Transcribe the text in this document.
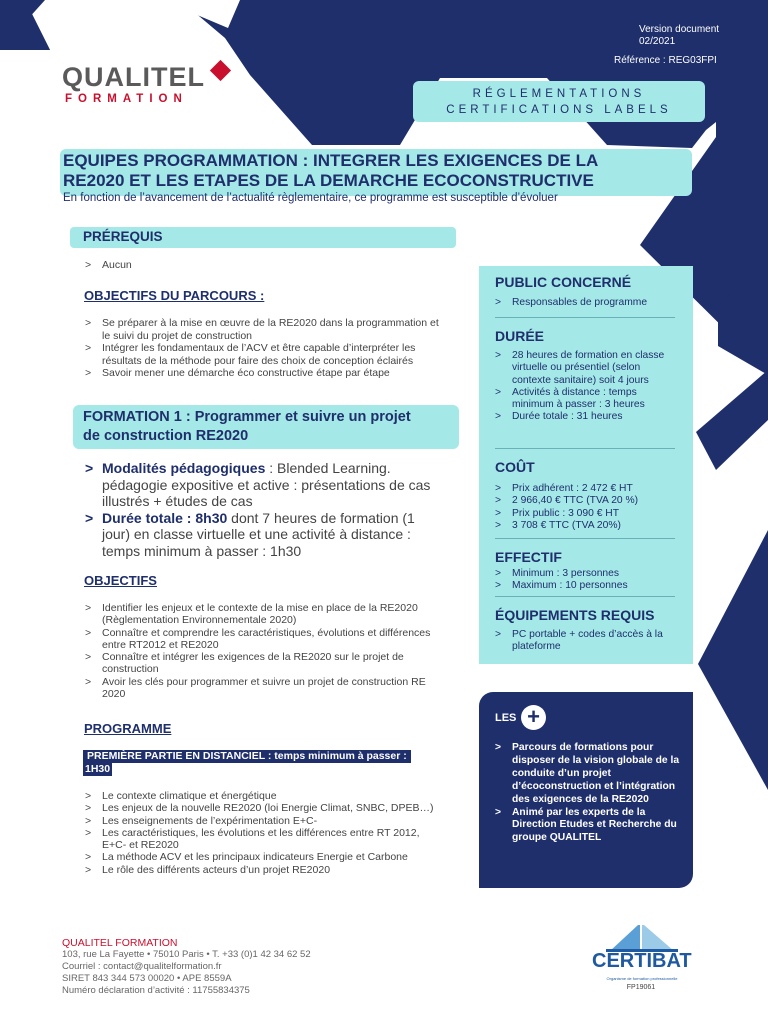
QUALITEL
FORMATION
Version document
02/2021
Référence : REG03FPI
RÉGLEMENTATIONS
CERTIFICATIONS LABELS
EQUIPES PROGRAMMATION : INTEGRER LES EXIGENCES DE LA
RE2020 ET LES ETAPES DE LA DEMARCHE ECOCONSTRUCTIVE
En fonction de l’avancement de l’actualité règlementaire, ce programme est susceptible d’évoluer
PRÉREQUIS
> Aucun
OBJECTIFS DU PARCOURS :
> Se préparer à la mise en œuvre de la RE2020 dans la programmation et le suivi du projet de construction
> Intégrer les fondamentaux de l’ACV et être capable d’interpréter les résultats de la méthode pour faire des choix de conception éclairés
> Savoir mener une démarche éco constructive étape par étape
FORMATION 1 : Programmer et suivre un projet
de construction RE2020
> Modalités pédagogiques : Blended Learning. pédagogie expositive et active : présentations de cas illustrés + études de cas
> Durée totale : 8h30 dont 7 heures de formation (1 jour) en classe virtuelle et une activité à distance : temps minimum à passer : 1h30
OBJECTIFS
> Identifier les enjeux et le contexte de la mise en place de la RE2020 (Règlementation Environnementale 2020)
> Connaître et comprendre les caractéristiques, évolutions et différences entre RT2012 et RE2020
> Connaître et intégrer les exigences de la RE2020 sur le projet de construction
> Avoir les clés pour programmer et suivre un projet de construction RE 2020
PROGRAMME
PREMIÈRE PARTIE EN DISTANCIEL : temps minimum à passer :
1H30
> Le contexte climatique et énergétique
> Les enjeux de la nouvelle RE2020 (loi Energie Climat, SNBC, DPEB…)
> Les enseignements de l’expérimentation E+C-
> Les caractéristiques, les évolutions et les différences entre RT 2012, E+C- et RE2020
> La méthode ACV et les principaux indicateurs Energie et Carbone
> Le rôle des différents acteurs d’un projet RE2020
PUBLIC CONCERNÉ
> Responsables de programme
DURÉE
> 28 heures de formation en classe virtuelle ou présentiel (selon contexte sanitaire) soit 4 jours
> Activités à distance : temps minimum à passer : 3 heures
> Durée totale : 31 heures
COÛT
> Prix adhérent : 2 472 € HT
> 2 966,40 € TTC (TVA 20 %)
> Prix public : 3 090 € HT
> 3 708 € TTC (TVA 20%)
EFFECTIF
> Minimum : 3 personnes
> Maximum : 10 personnes
ÉQUIPEMENTS REQUIS
> PC portable + codes d’accès à la plateforme
LES +
> Parcours de formations pour disposer de la vision globale de la conduite d’un projet d’écoconstruction et l’intégration des exigences de la RE2020
> Animé par les experts de la Direction Etudes et Recherche du groupe QUALITEL
QUALITEL FORMATION
103, rue La Fayette • 75010 Paris • T. +33 (0)1 42 34 62 52
Courriel : contact@qualitelformation.fr
SIRET 843 344 573 00020 • APE 8559A
Numéro déclaration d’activité : 11755834375
CERTIBAT
Organisme de formation professionnelle
FP19061
